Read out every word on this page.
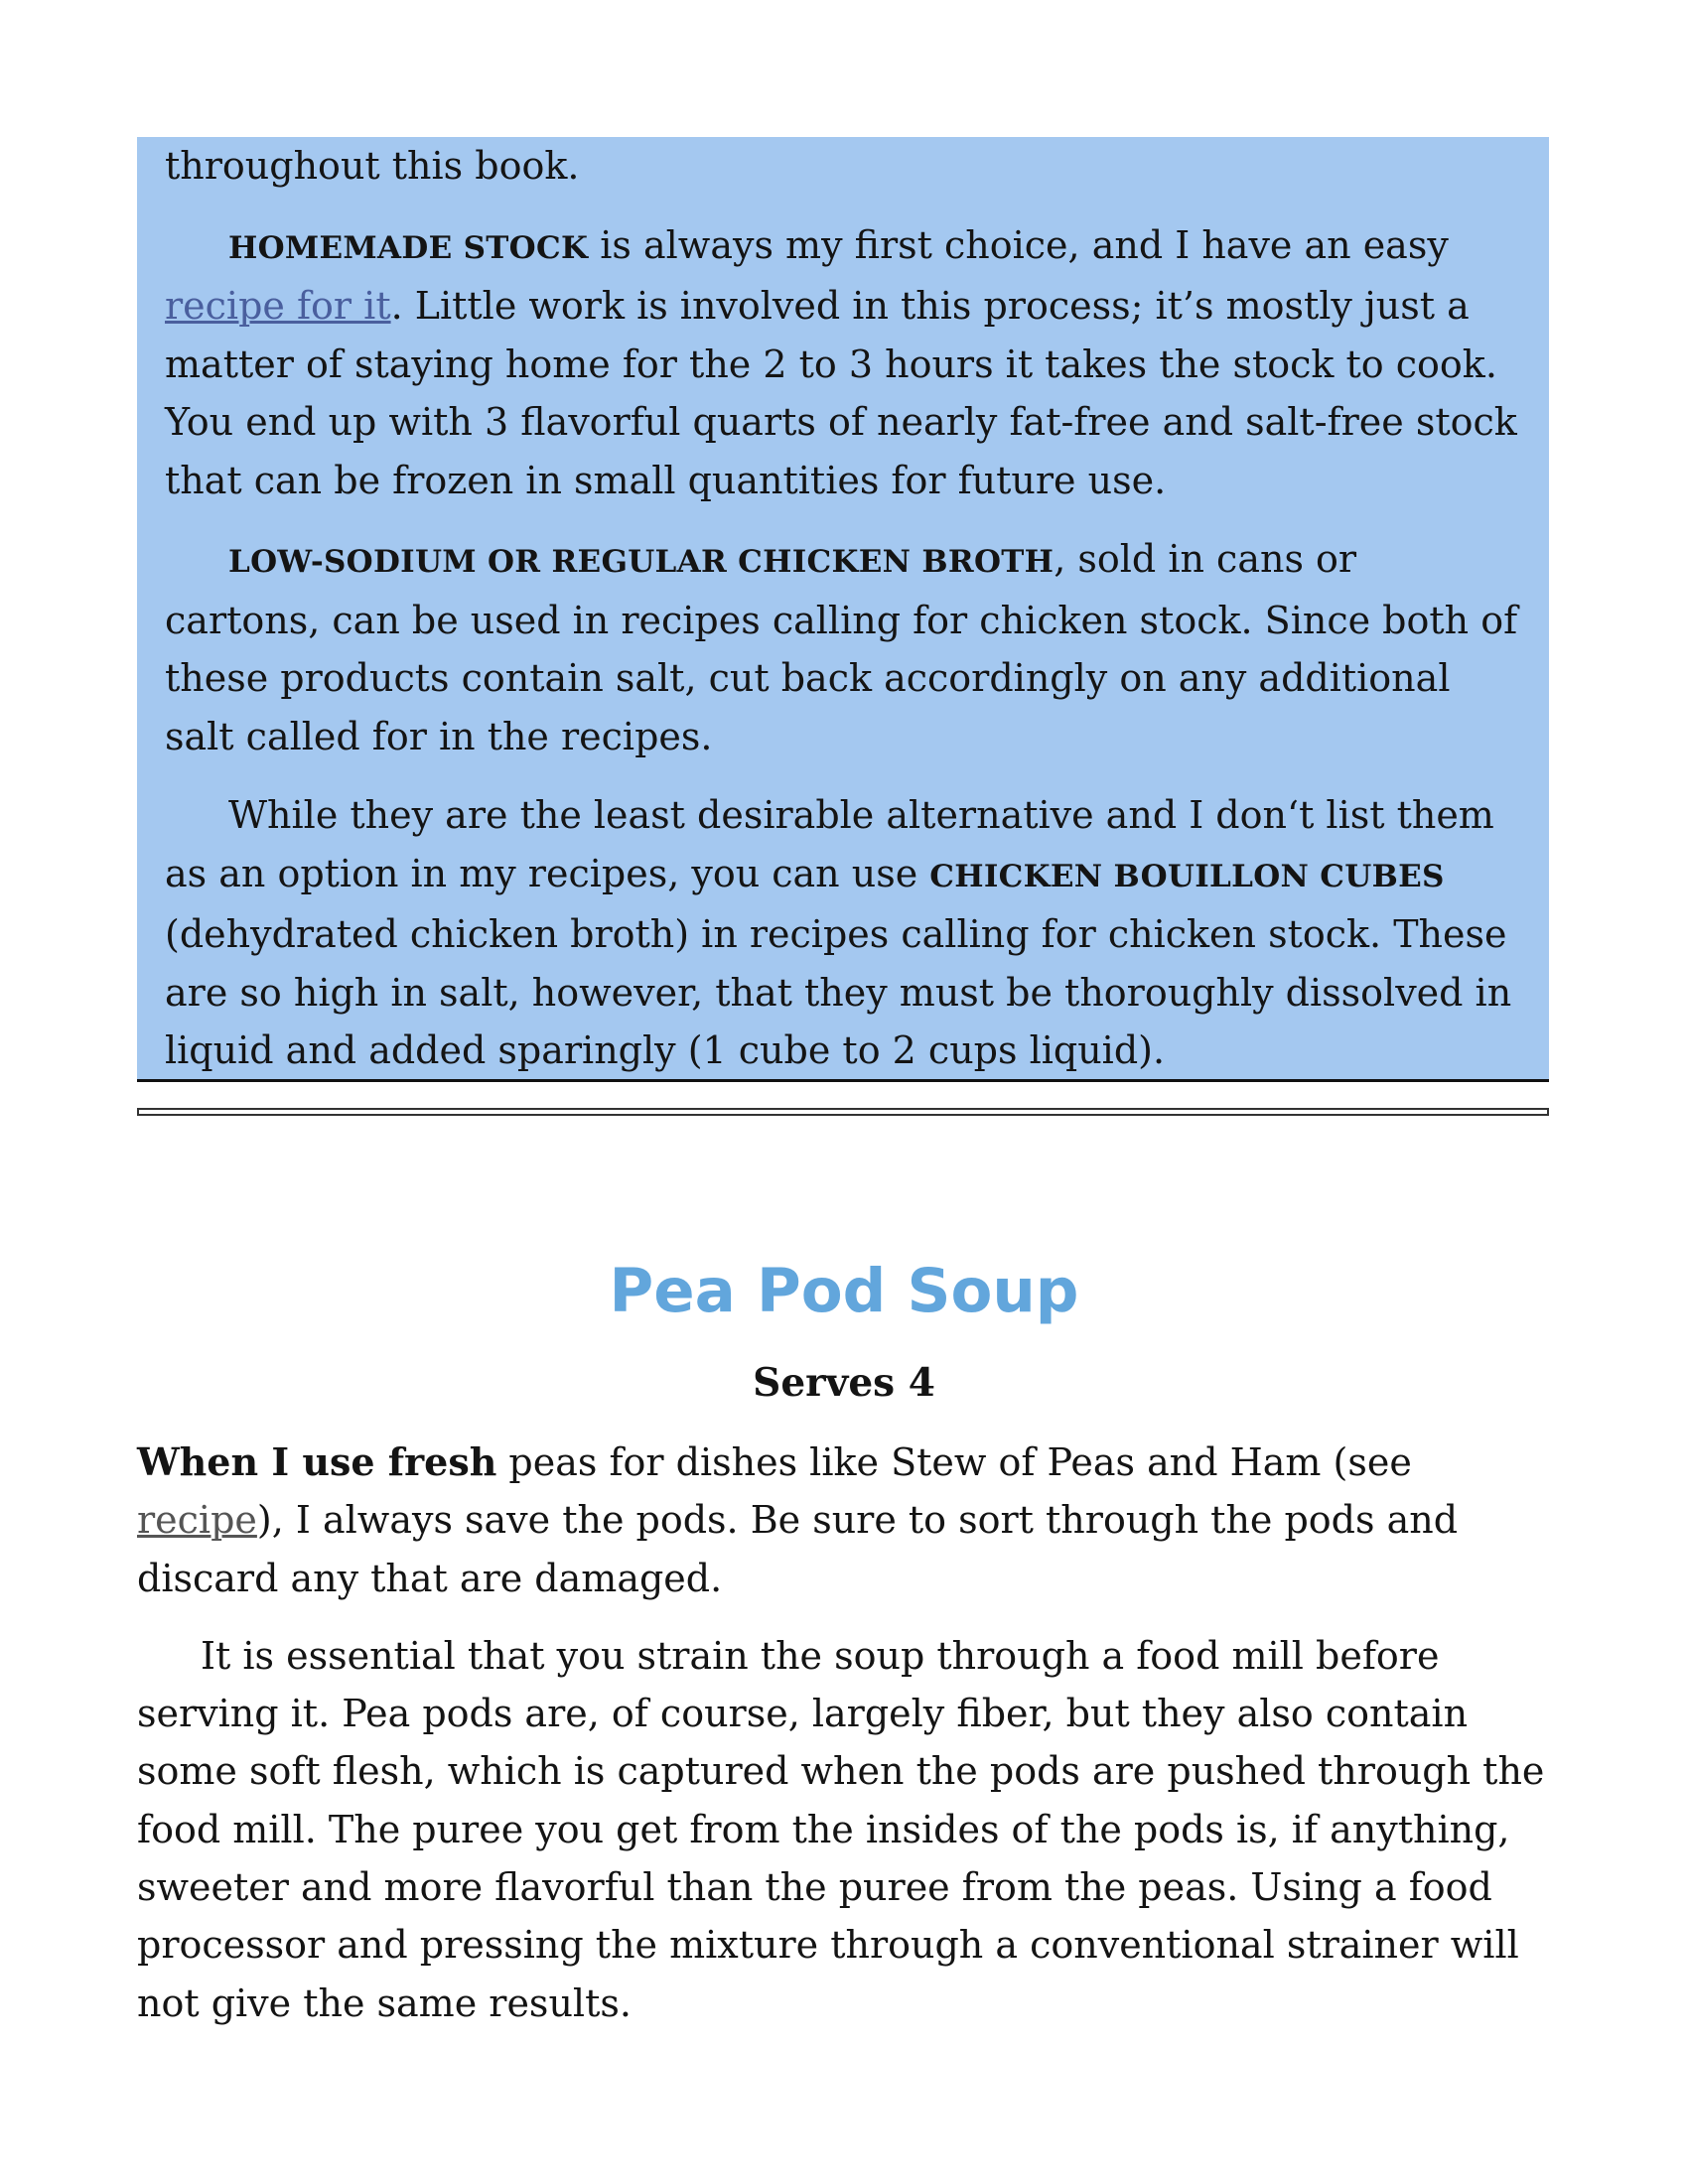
throughout this book.

HOMEMADE STOCK is always my first choice, and I have an easy recipe for it. Little work is involved in this process; it’s mostly just a matter of staying home for the 2 to 3 hours it takes the stock to cook. You end up with 3 flavorful quarts of nearly fat-free and salt-free stock that can be frozen in small quantities for future use.

LOW-SODIUM OR REGULAR CHICKEN BROTH, sold in cans or cartons, can be used in recipes calling for chicken stock. Since both of these products contain salt, cut back accordingly on any additional salt called for in the recipes.

While they are the least desirable alternative and I don‘t list them as an option in my recipes, you can use CHICKEN BOUILLON CUBES (dehydrated chicken broth) in recipes calling for chicken stock. These are so high in salt, however, that they must be thoroughly dissolved in liquid and added sparingly (1 cube to 2 cups liquid).

Pea Pod Soup
Serves 4

When I use fresh peas for dishes like Stew of Peas and Ham (see recipe), I always save the pods. Be sure to sort through the pods and discard any that are damaged.

It is essential that you strain the soup through a food mill before serving it. Pea pods are, of course, largely fiber, but they also contain some soft flesh, which is captured when the pods are pushed through the food mill. The puree you get from the insides of the pods is, if anything, sweeter and more flavorful than the puree from the peas. Using a food processor and pressing the mixture through a conventional strainer will not give the same results.
